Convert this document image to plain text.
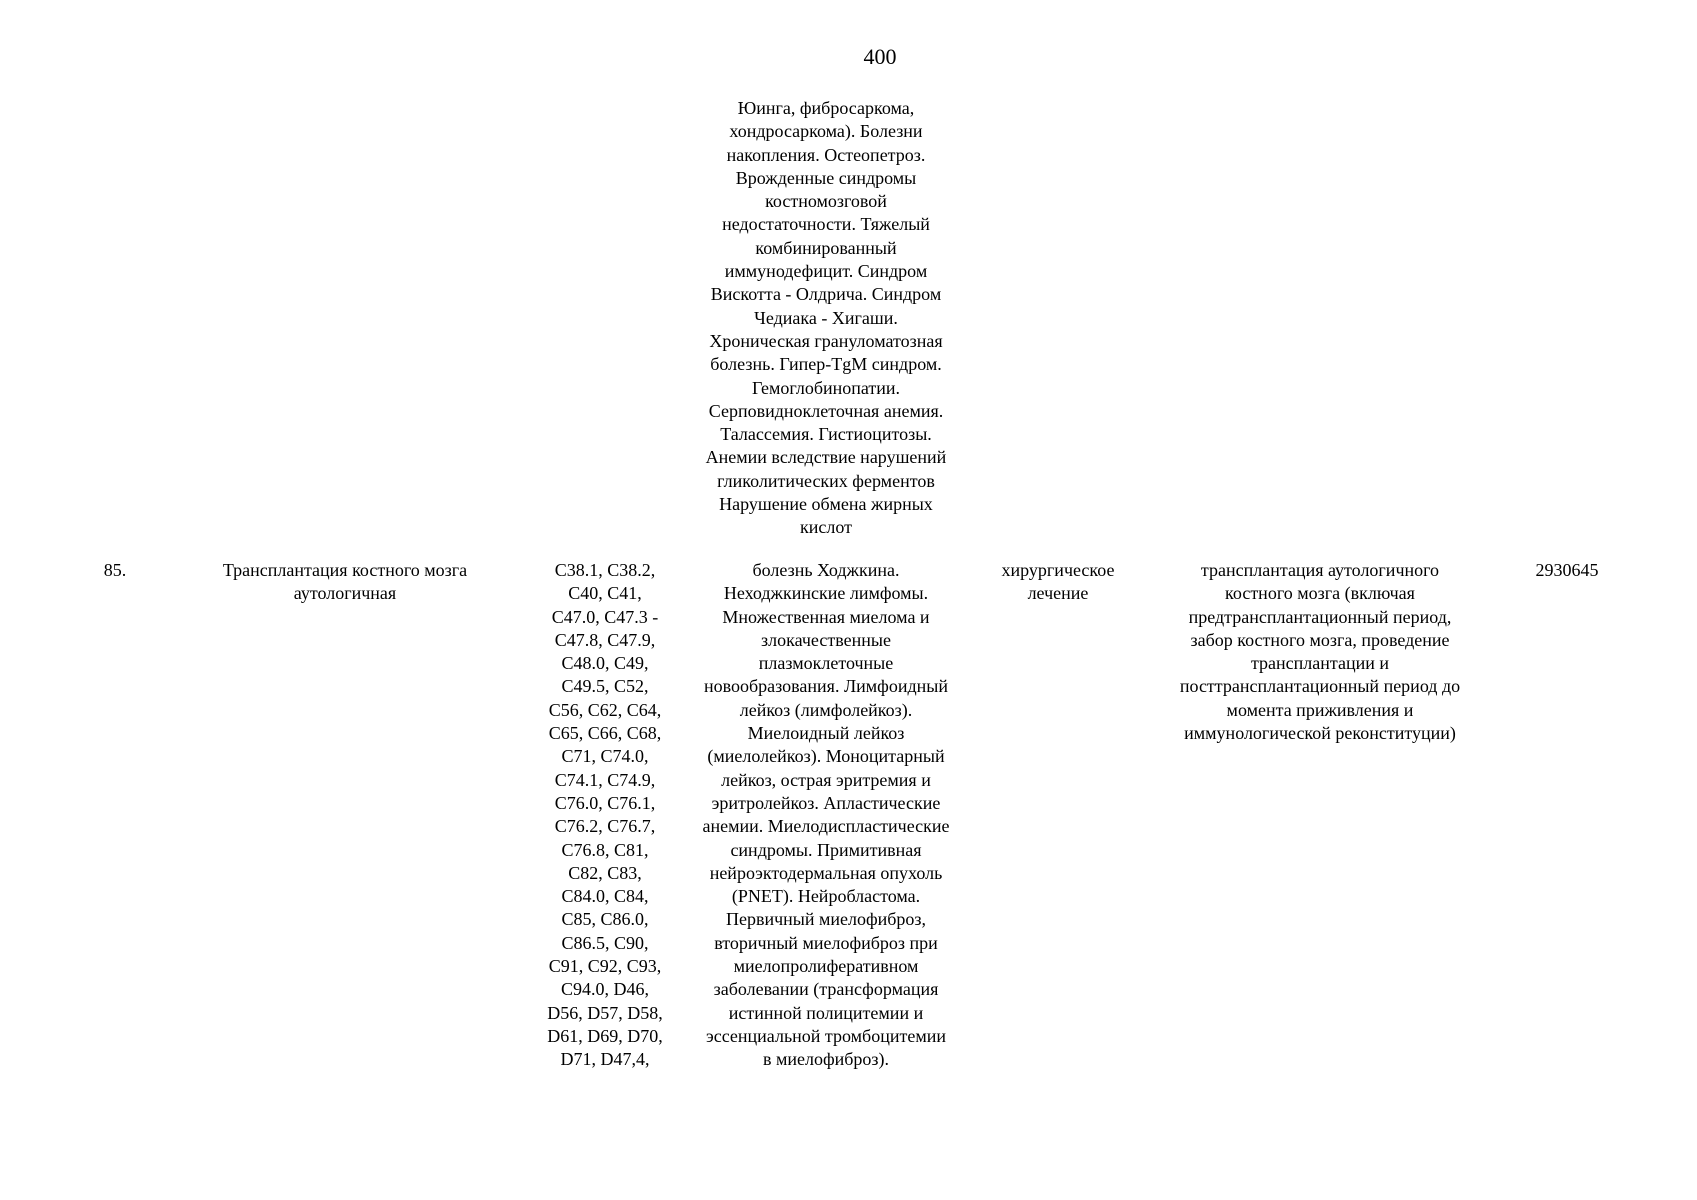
400
Юинга, фибросаркома,
хондросаркома). Болезни
накопления. Остеопетроз.
Врожденные синдромы
костномозговой
недостаточности. Тяжелый
комбинированный
иммунодефицит. Синдром
Вискотта - Олдрича. Синдром
Чедиака - Хигаши.
Хроническая грануломатозная
болезнь. Гипер-TgM синдром.
Гемоглобинопатии.
Серповидноклеточная анемия.
Талассемия. Гистиоцитозы.
Анемии вследствие нарушений
гликолитических ферментов
Нарушение обмена жирных
кислот
85.	Трансплантация костного мозга
аутологичная
C38.1, C38.2,
C40, C41,
C47.0, C47.3 -
C47.8, C47.9,
C48.0, C49,
C49.5, C52,
C56, C62, C64,
C65, C66, C68,
C71, C74.0,
C74.1, C74.9,
C76.0, C76.1,
C76.2, C76.7,
C76.8, C81,
C82, C83,
C84.0, C84,
C85, C86.0,
C86.5, C90,
C91, C92, C93,
C94.0, D46,
D56, D57, D58,
D61, D69, D70,
D71, D47,4,
болезнь Ходжкина.
Неходжкинские лимфомы.
Множественная миелома и
злокачественные
плазмоклеточные
новообразования. Лимфоидный
лейкоз (лимфолейкоз).
Миелоидный лейкоз
(миелолейкоз). Моноцитарный
лейкоз, острая эритремия и
эритролейкоз. Апластические
анемии. Миелодиспластические
синдромы. Примитивная
нейроэктодермальная опухоль
(PNET). Нейробластома.
Первичный миелофиброз,
вторичный миелофиброз при
миелопролиферативном
заболевании (трансформация
истинной полицитемии и
эссенциальной тромбоцитемии
в миелофиброз).
хирургическое
лечение
трансплантация аутологичного
костного мозга (включая
предтрансплантационный период,
забор костного мозга, проведение
трансплантации и
посттрансплантационный период до
момента приживления и
иммунологической реконституции)
2930645
